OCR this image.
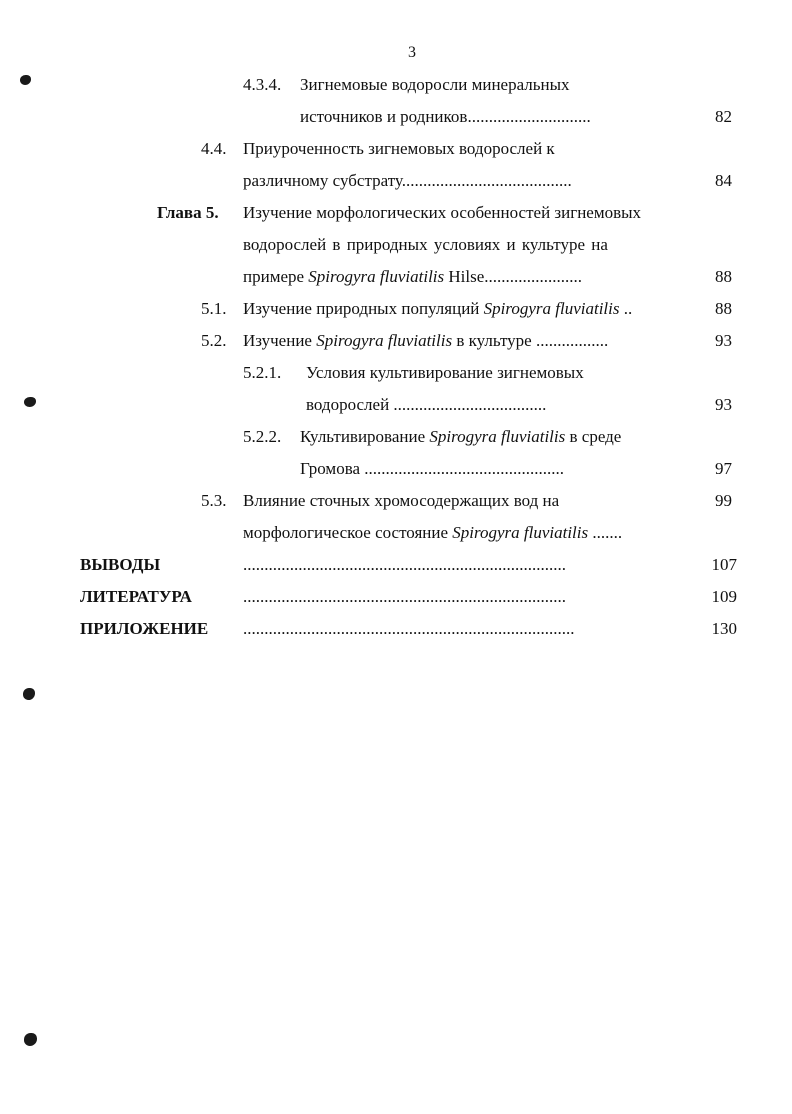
3
4.3.4. Зигнемовые водоросли минеральных
источников и родников.............................	82
4.4. Приуроченность зигнемовых водорослей к
различному субстрату........................................	84
Глава 5. Изучение морфологических особенностей зигнемовых
водорослей в природных условиях и культуре на
примере Spirogyra fluviatilis Hilse.......................	88
5.1. Изучение природных популяций Spirogyra fluviatilis ..	88
5.2. Изучение Spirogyra fluviatilis в культуре .................	93
5.2.1. Условия культивирование зигнемовых
водорослей ....................................	93
5.2.2. Культивирование Spirogyra fluviatilis в среде
Громова ...............................................	97
5.3. Влияние сточных хромосодержащих вод на	99
морфологическое состояние Spirogyra fluviatilis .......
ВЫВОДЫ	............................................................................	107
ЛИТЕРАТУРА	............................................................................	109
ПРИЛОЖЕНИЕ ..............................................................................	130
